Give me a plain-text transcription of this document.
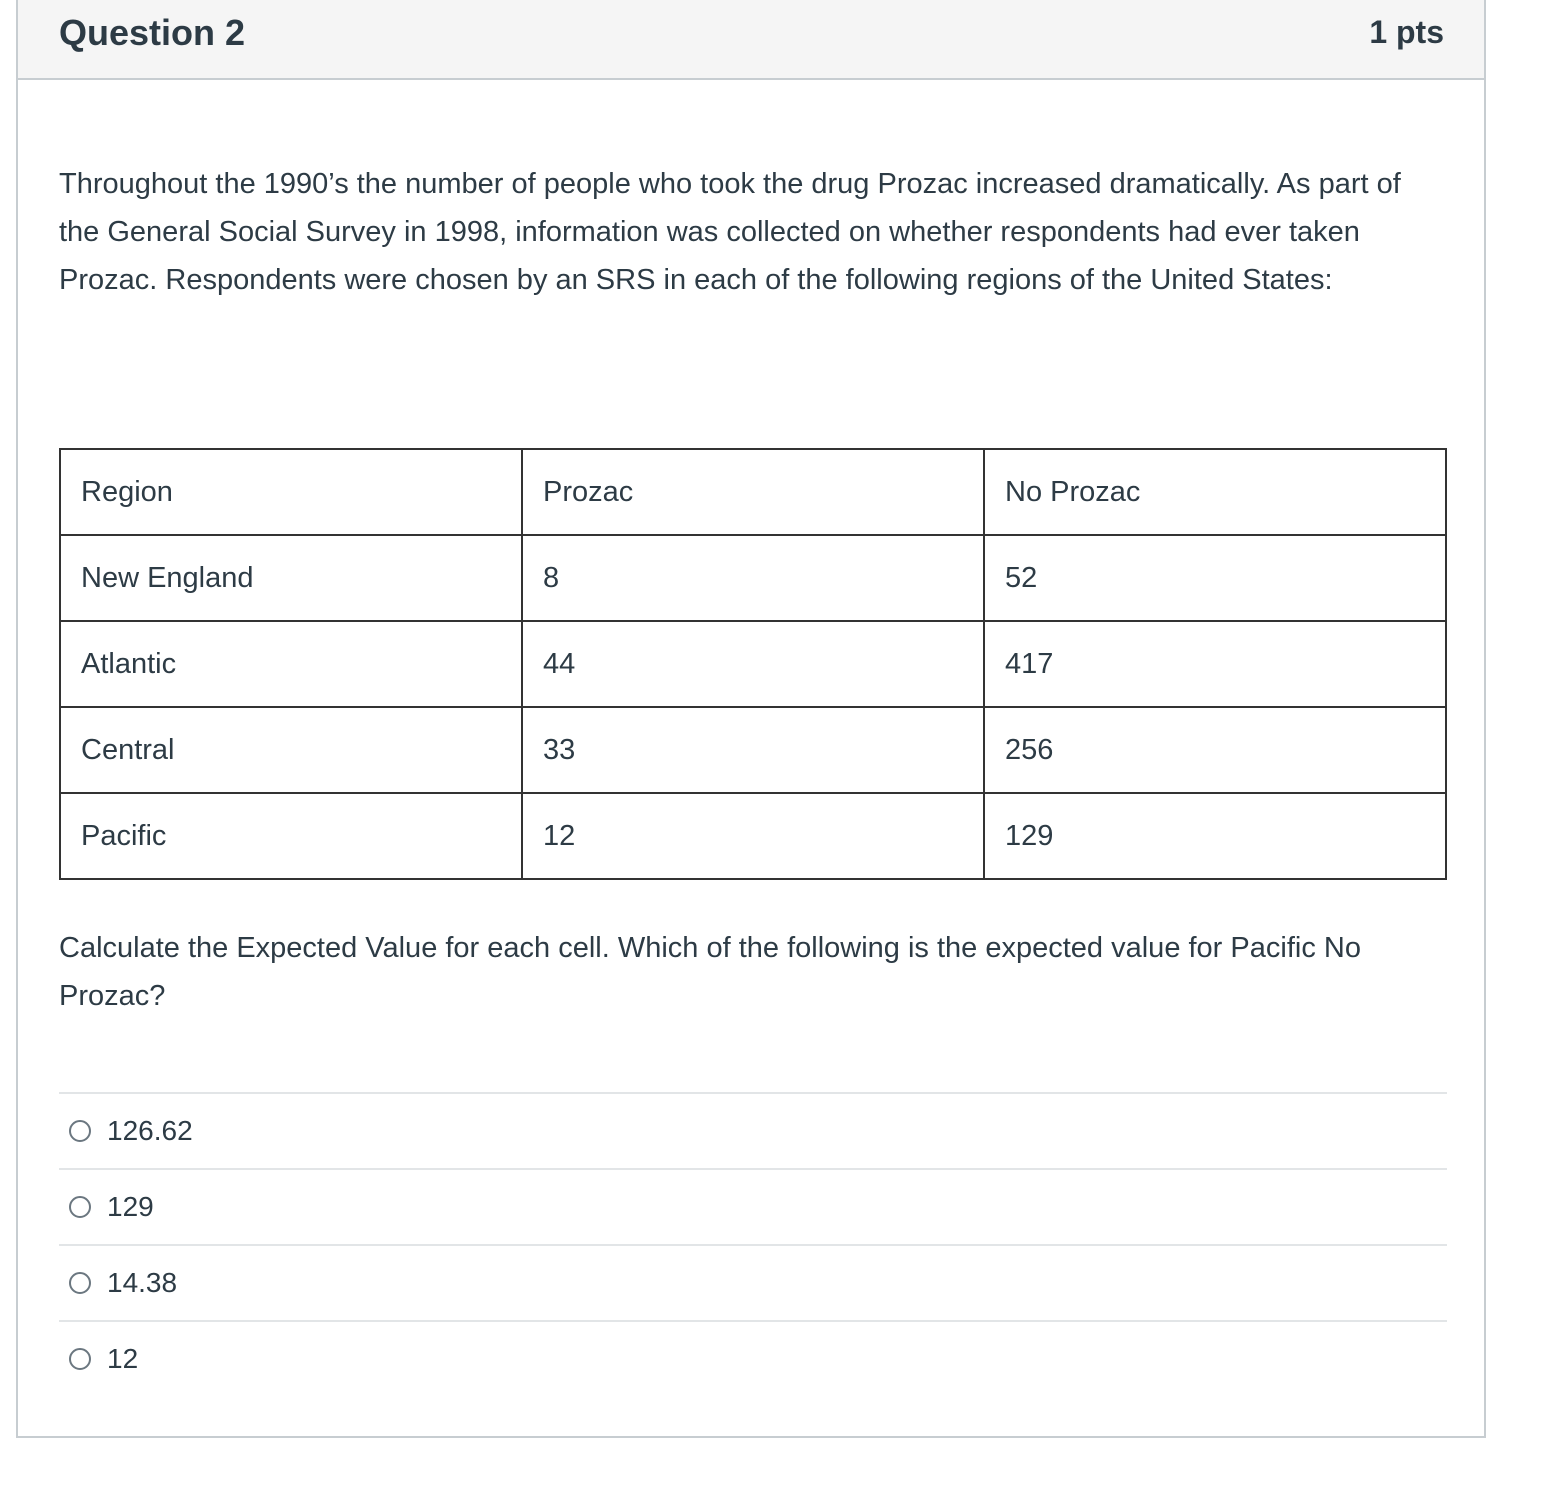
Question 2	1 pts

Throughout the 1990’s the number of people who took the drug Prozac increased dramatically. As part of the General Social Survey in 1998, information was collected on whether respondents had ever taken Prozac. Respondents were chosen by an SRS in each of the following regions of the United States:

Region	Prozac	No Prozac
New England	8	52
Atlantic	44	417
Central	33	256
Pacific	12	129

Calculate the Expected Value for each cell. Which of the following is the expected value for Pacific No Prozac?

126.62
129
14.38
12
